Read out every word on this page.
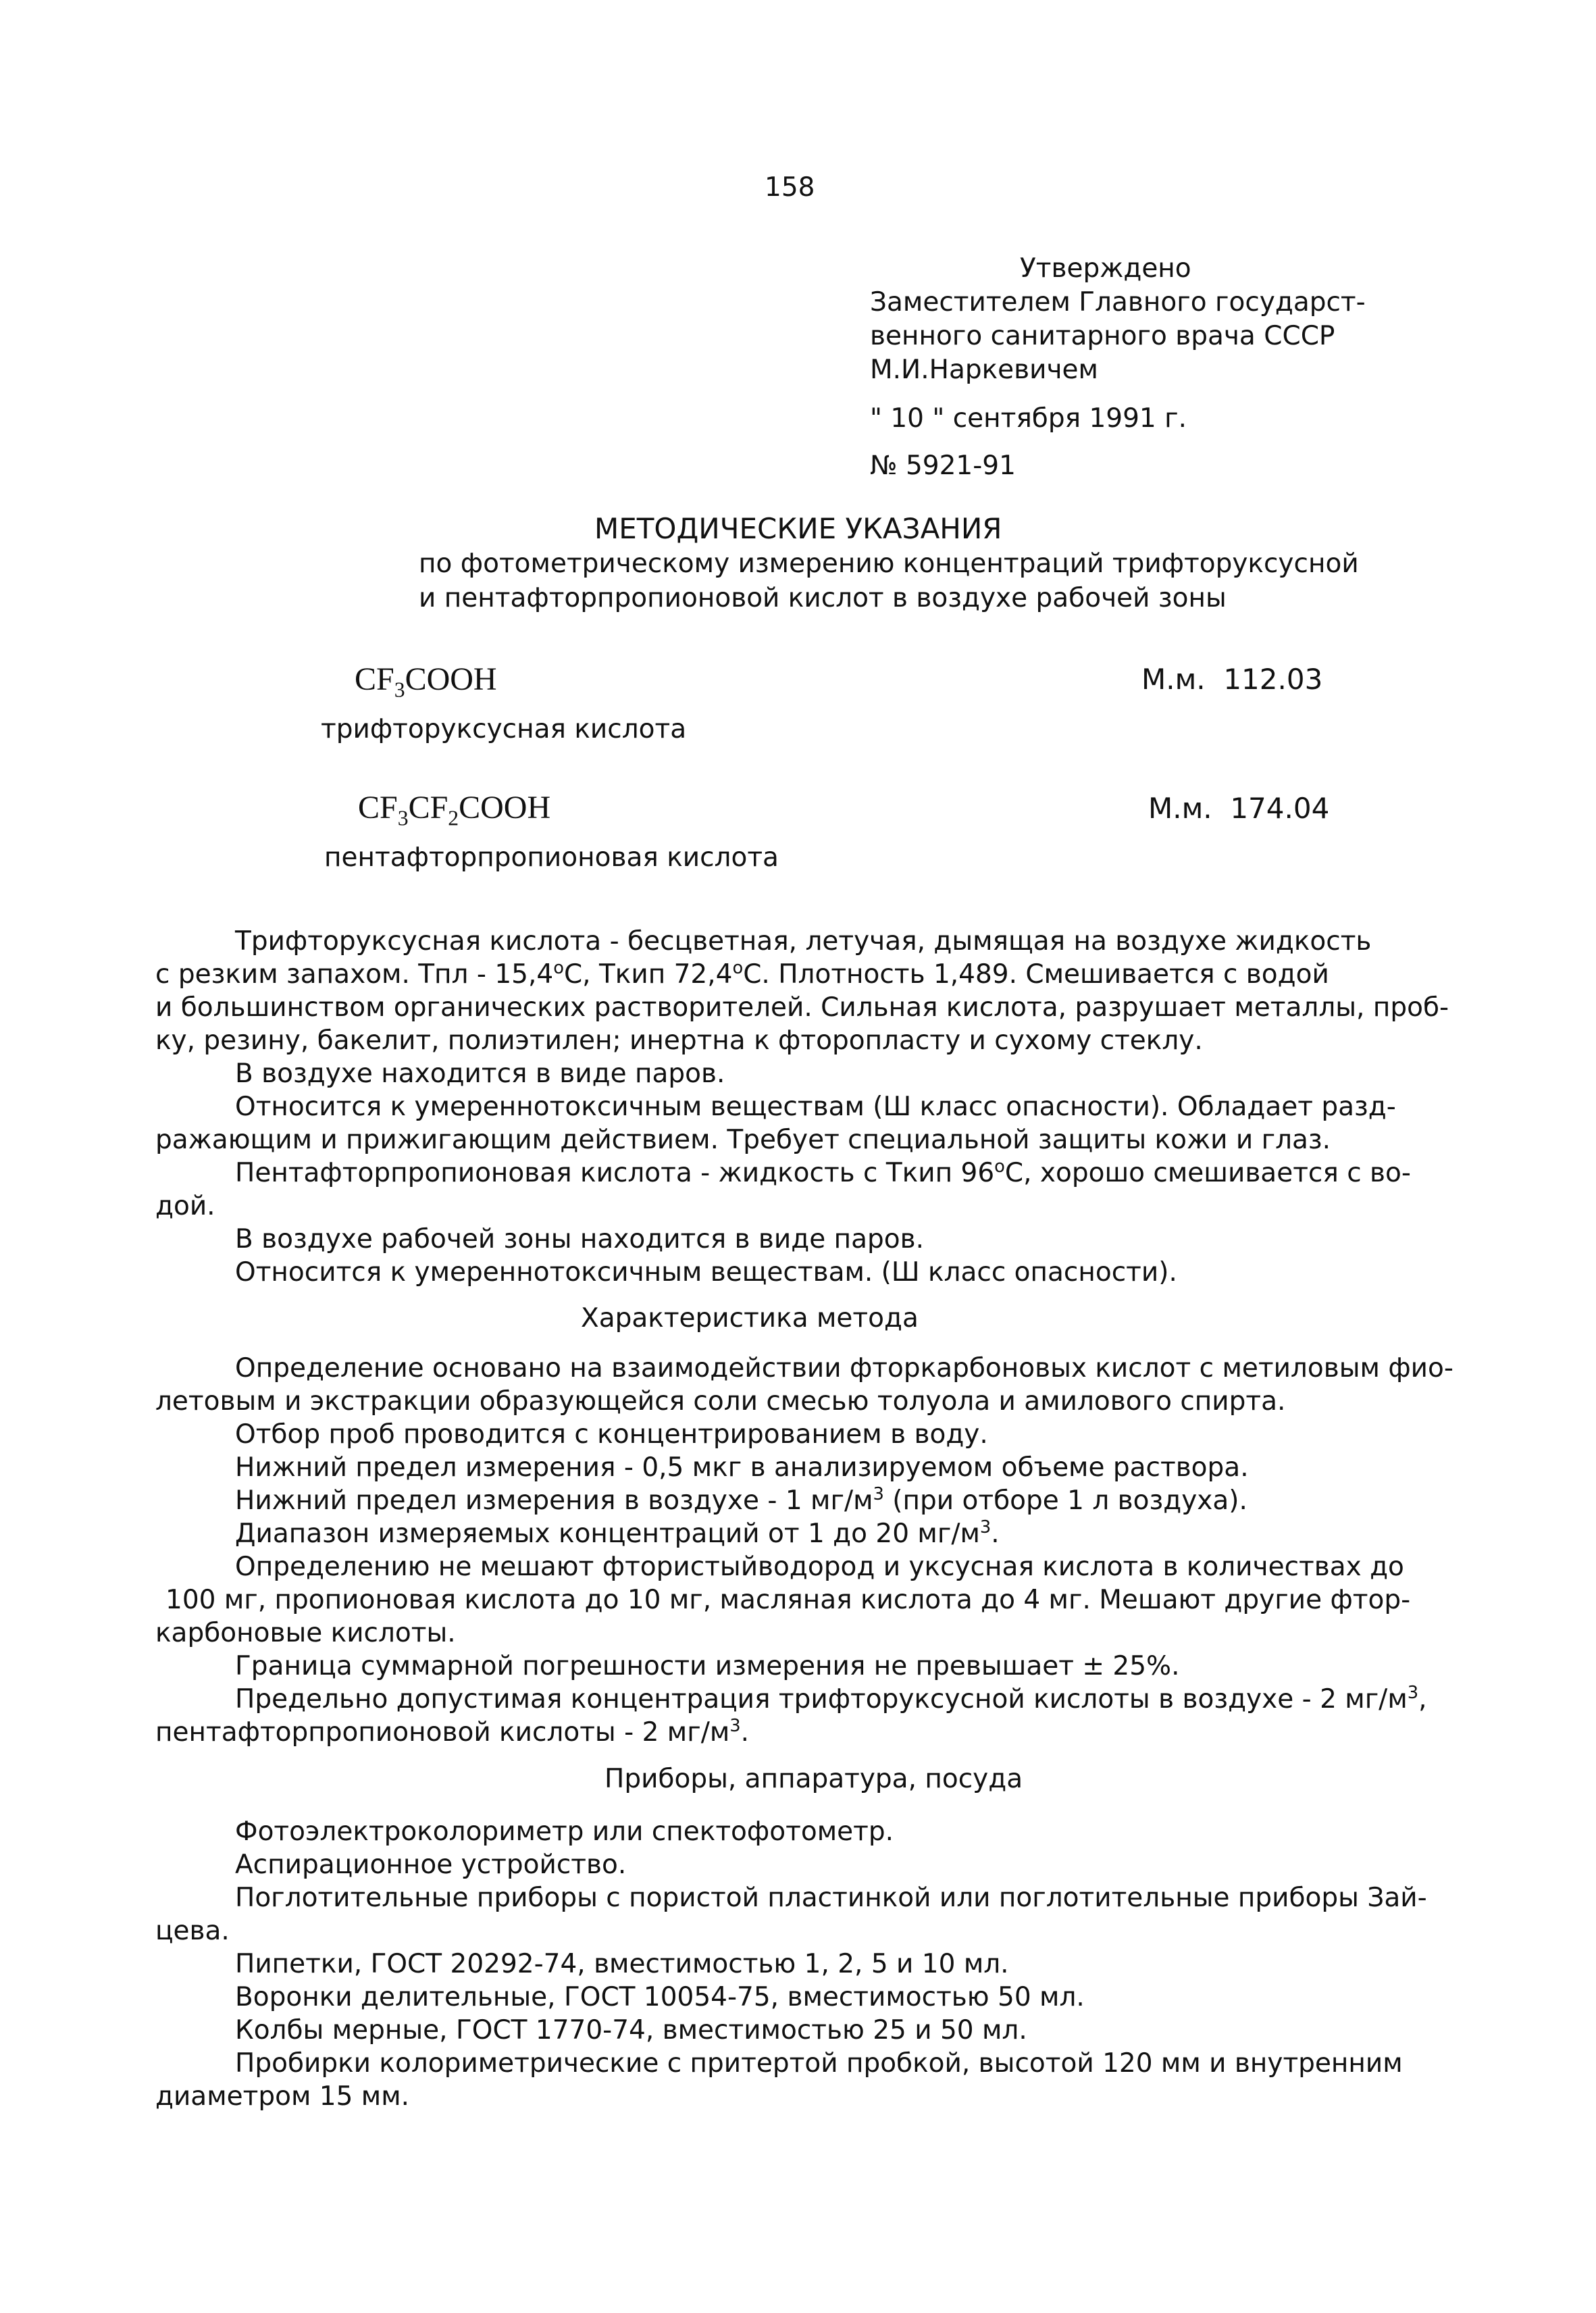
158
Утверждено
Заместителем Главного государст-
венного санитарного врача СССР
М.И.Наркевичем
" 10 " сентября 1991 г.
№ 5921-91
МЕТОДИЧЕСКИЕ УКАЗАНИЯ
по фотометрическому измерению концентраций трифторуксусной
и пентафторпропионовой кислот в воздухе рабочей зоны
$CF_3COOH$	М.м. 112.03
трифторуксусная кислота
$CF_3CF_2COOH$	М.м. 174.04
пентафторпропионовая кислота
Трифторуксусная кислота - бесцветная, летучая, дымящая на воздухе жидкость
с резким запахом. Тпл - 15,4$^o$C, Ткип 72,4$^o$C. Плотность 1,489. Смешивается с водой
и большинством органических растворителей. Сильная кислота, разрушает металлы, проб-
ку, резину, бакелит, полиэтилен; инертна к фторопласту и сухому стеклу.
В воздухе находится в виде паров.
Относится к умереннотоксичным веществам (Ш класс опасности). Обладает разд-
ражающим и прижигающим действием. Требует специальной защиты кожи и глаз.
Пентафторпропионовая кислота - жидкость с Ткип 96$^o$C, хорошо смешивается с во-
дой.
В воздухе рабочей зоны находится в виде паров.
Относится к умереннотоксичным веществам. (Ш класс опасности).
Характеристика метода
Определение основано на взаимодействии фторкарбоновых кислот с метиловым фио-
летовым и экстракции образующейся соли смесью толуола и амилового спирта.
Отбор проб проводится с концентрированием в воду.
Нижний предел измерения - 0,5 мкг в анализируемом объеме раствора.
Нижний предел измерения в воздухе - 1 $мг/м^3$ (при отборе 1 л воздуха).
Диапазон измеряемых концентраций от 1 до 20 $мг/м^3$.
Определению не мешают фтористыйводород и уксусная кислота в количествах до
100 мг, пропионовая кислота до 10 мг, масляная кислота до 4 мг. Мешают другие фтор-
карбоновые кислоты.
Граница суммарной погрешности измерения не превышает ± 25%.
Предельно допустимая концентрация трифторуксусной кислоты в воздухе - 2 $мг/м^3$,
пентафторпропионовой кислоты - 2 $мг/м^3$.
Приборы, аппаратура, посуда
Фотоэлектроколориметр или спектофотометр.
Аспирационное устройство.
Поглотительные приборы с пористой пластинкой или поглотительные приборы Зай-
цева.
Пипетки, ГОСТ 20292-74, вместимостью 1, 2, 5 и 10 мл.
Воронки делительные, ГОСТ 10054-75, вместимостью 50 мл.
Колбы мерные, ГОСТ 1770-74, вместимостью 25 и 50 мл.
Пробирки колориметрические с притертой пробкой, высотой 120 мм и внутренним
диаметром 15 мм.
